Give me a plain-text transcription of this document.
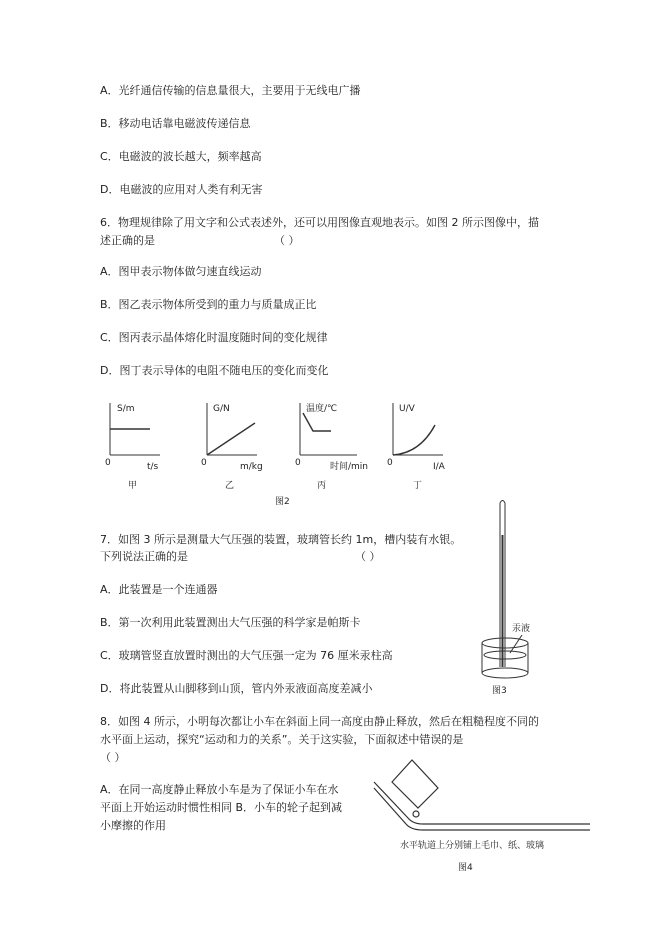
A．光纤通信传输的信息量很大，主要用于无线电广播
B．移动电话靠电磁波传递信息
C．电磁波的波长越大，频率越高
D．电磁波的应用对人类有利无害
6．物理规律除了用文字和公式表述外，还可以用图像直观地表示。如图 2 所示图像中，描
述正确的是	（ ）
A．图甲表示物体做匀速直线运动
B．图乙表示物体所受到的重力与质量成正比
C．图丙表示晶体熔化时温度随时间的变化规律
D．图丁表示导体的电阻不随电压的变化而变化
S/m
t/s
0
甲
G/N
m/kg
0
乙
温度/℃
时间/min
0
丙
U/V
I/A
0
丁
图2
7．如图 3 所示是测量大气压强的装置，玻璃管长约 1m，槽内装有水银。
下列说法正确的是	（ ）
A．此装置是一个连通器
B．第一次利用此装置测出大气压强的科学家是帕斯卡
C．玻璃管竖直放置时测出的大气压强一定为 76 厘米汞柱高
D．将此装置从山脚移到山顶，管内外汞液面高度差减小
汞液
图3
8．如图 4 所示，小明每次都让小车在斜面上同一高度由静止释放，然后在粗糙程度不同的
水平面上运动，探究“运动和力的关系”。关于这实验，下面叙述中错误的是
（ ）
A．在同一高度静止释放小车是为了保证小车在水
平面上开始运动时惯性相同 B．小车的轮子起到减
小摩擦的作用
水平轨道上分别铺上毛巾、纸、玻璃
图4
